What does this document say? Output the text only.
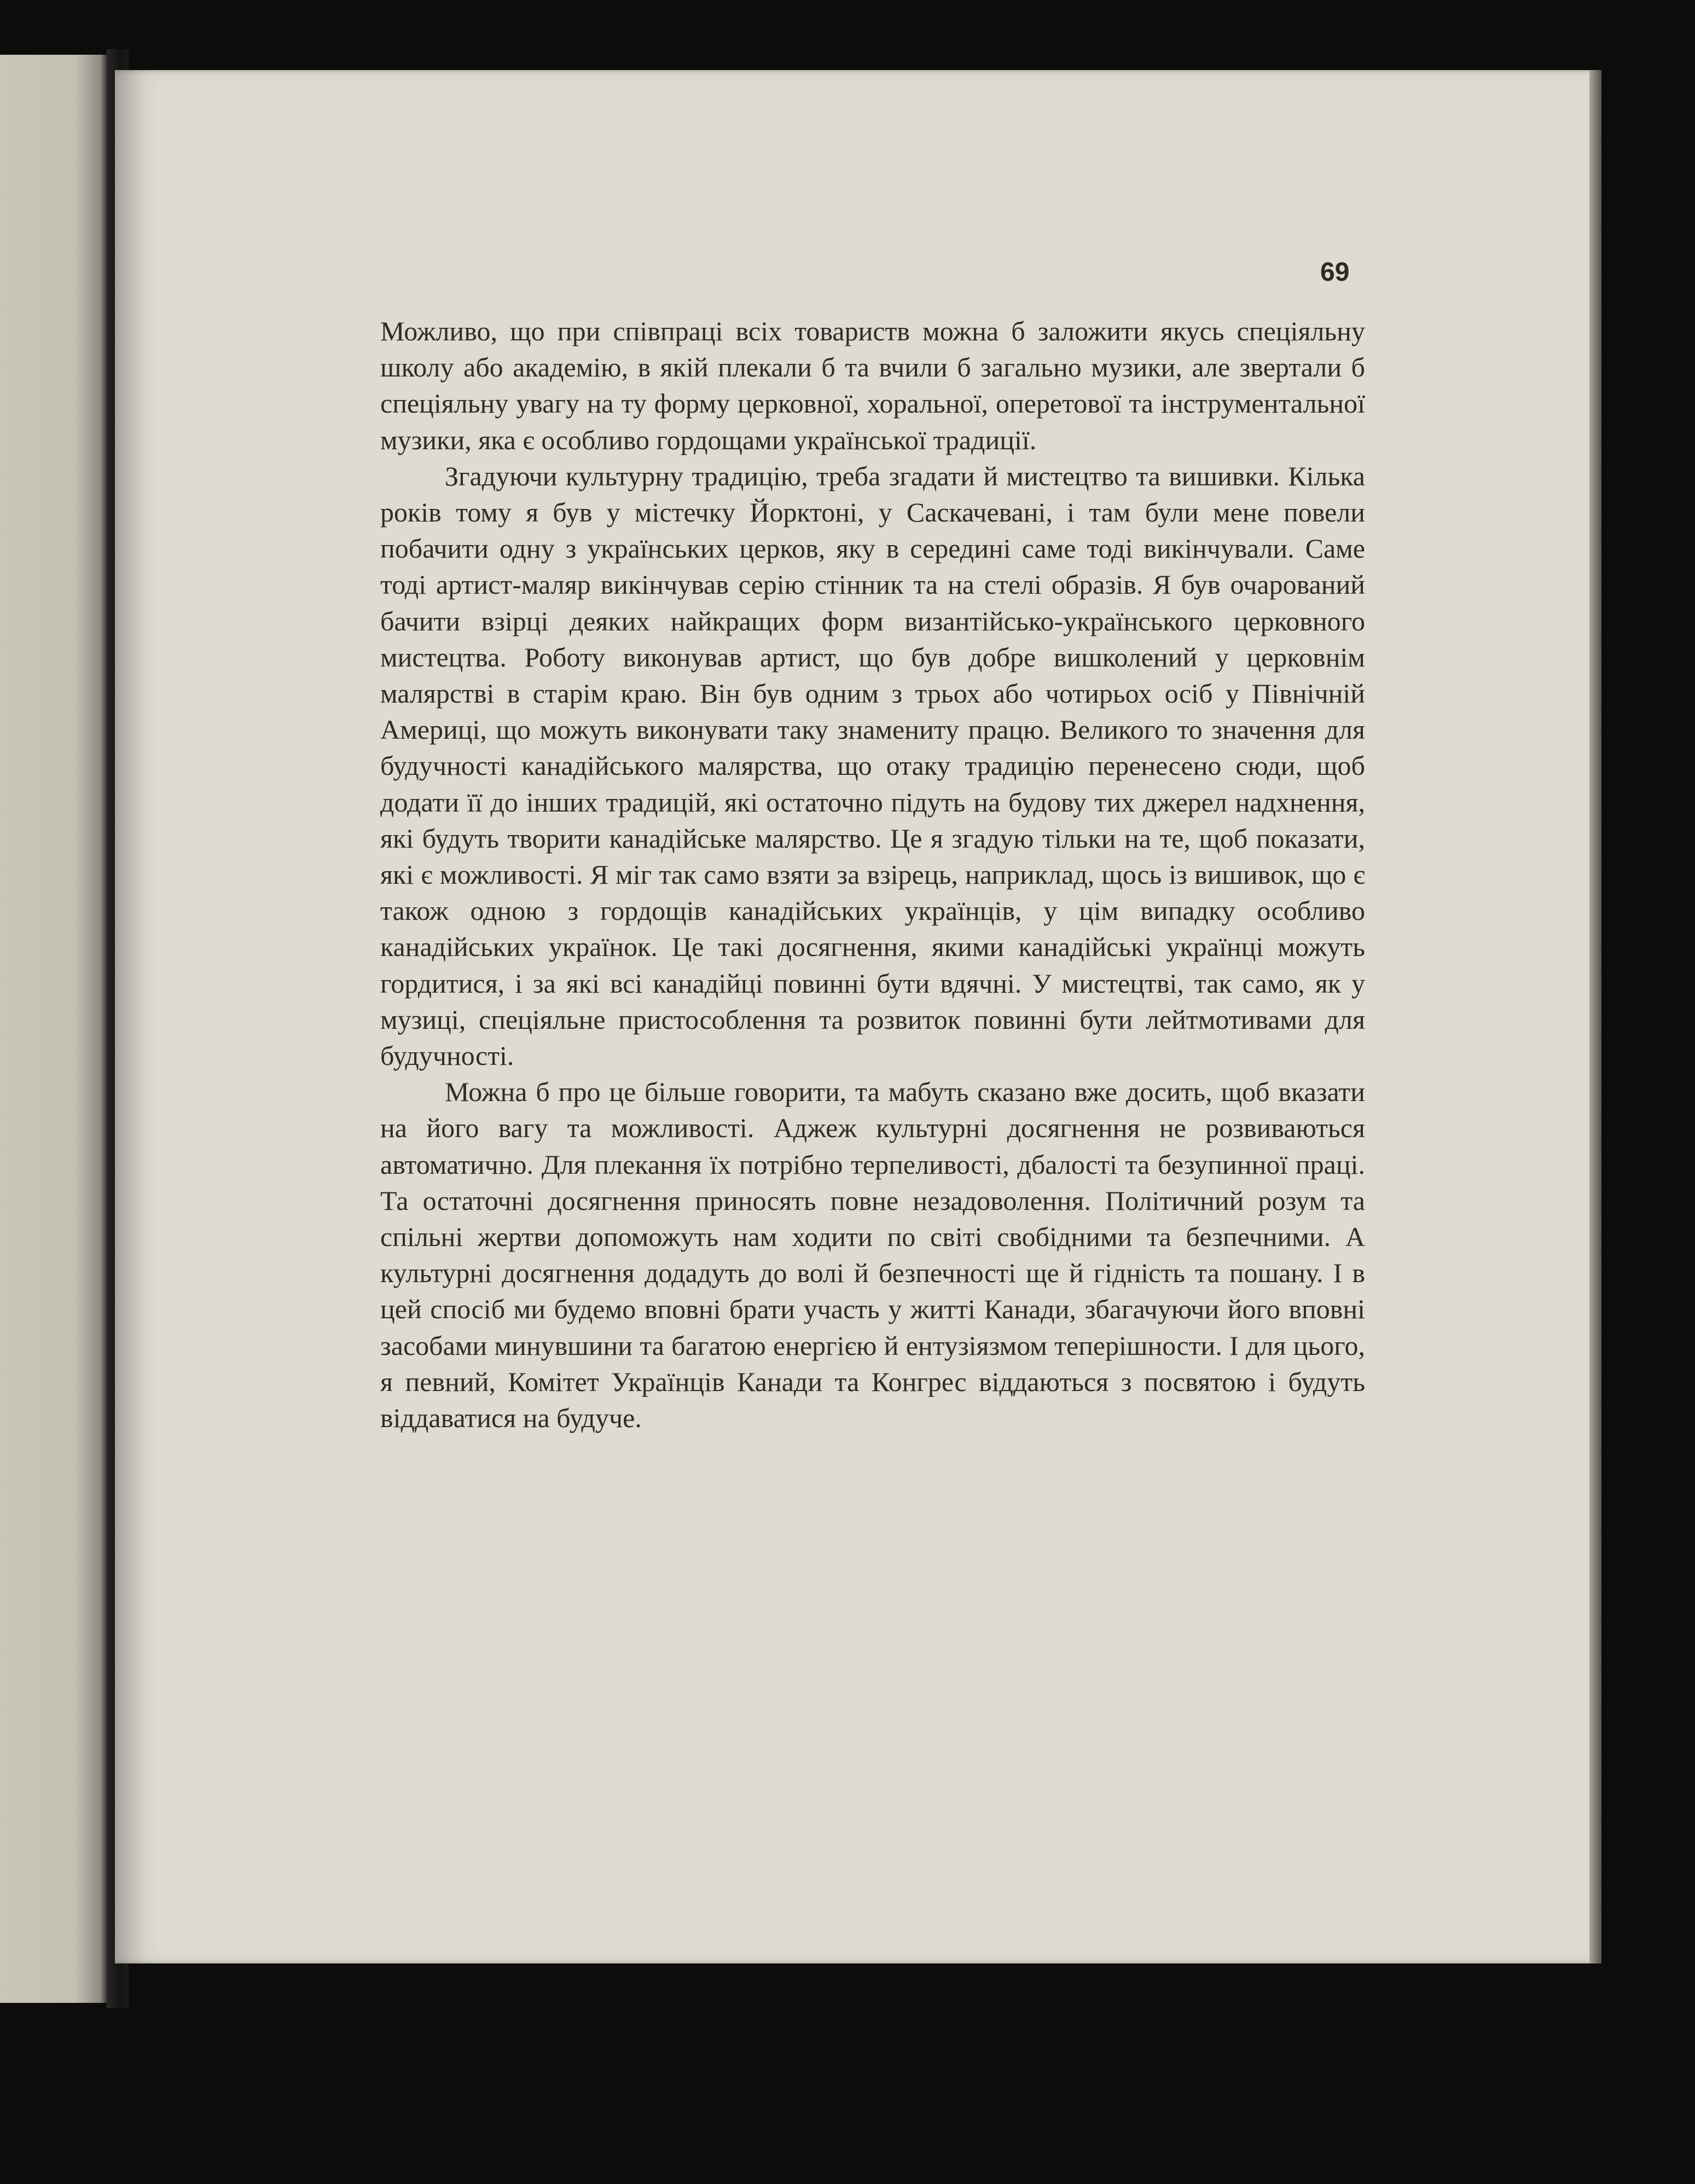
69

Можливо, що при співпраці всіх товариств можна б заложити якусь спеціяльну школу або академію, в якій плекали б та вчили б загально музики, але звертали б спеціяльну увагу на ту форму церковної, хоральної, оперетової та інструментальної музики, яка є особливо гордощами української традиції.

Згадуючи культурну традицію, треба згадати й мистецтво та вишивки. Кілька років тому я був у містечку Йорктоні, у Саскачевані, і там були мене повели побачити одну з українських церков, яку в середині саме тоді викінчували. Саме тоді артист-маляр викінчував серію стінник та на стелі образів. Я був очарований бачити взірці деяких найкращих форм византійсько-українського церковного мистецтва. Роботу виконував артист, що був добре вишколений у церковнім малярстві в старім краю. Він був одним з трьох або чотирьох осіб у Північній Америці, що можуть виконувати таку знамениту працю. Великого то значення для будучності канадійського малярства, що отаку традицію перенесено сюди, щоб додати її до інших традицій, які остаточно підуть на будову тих джерел надхнення, які будуть творити канадійське малярство. Це я згадую тільки на те, щоб показати, які є можливості. Я міг так само взяти за взірець, наприклад, щось із вишивок, що є також одною з гордощів канадійських українців, у цім випадку особливо канадійських українок. Це такі досягнення, якими канадійські українці можуть гордитися, і за які всі канадійці повинні бути вдячні. У мистецтві, так само, як у музиці, спеціяльне пристособлення та розвиток повинні бути лейтмотивами для будучності.

Можна б про це більше говорити, та мабуть сказано вже досить, щоб вказати на його вагу та можливості. Аджеж культурні досягнення не розвиваються автоматично. Для плекання їх потрібно терпеливості, дбалості та безупинної праці. Та остаточні досягнення приносять повне незадоволення. Політичний розум та спільні жертви допоможуть нам ходити по світі свобідними та безпечними. А культурні досягнення додадуть до волі й безпечності ще й гідність та пошану. І в цей спосіб ми будемо вповні брати участь у житті Канади, збагачуючи його вповні засобами минувшини та багатою енергією й ентузіязмом теперішности. І для цього, я певний, Комітет Українців Канади та Конгрес віддаються з посвятою і будуть віддаватися на будуче.
